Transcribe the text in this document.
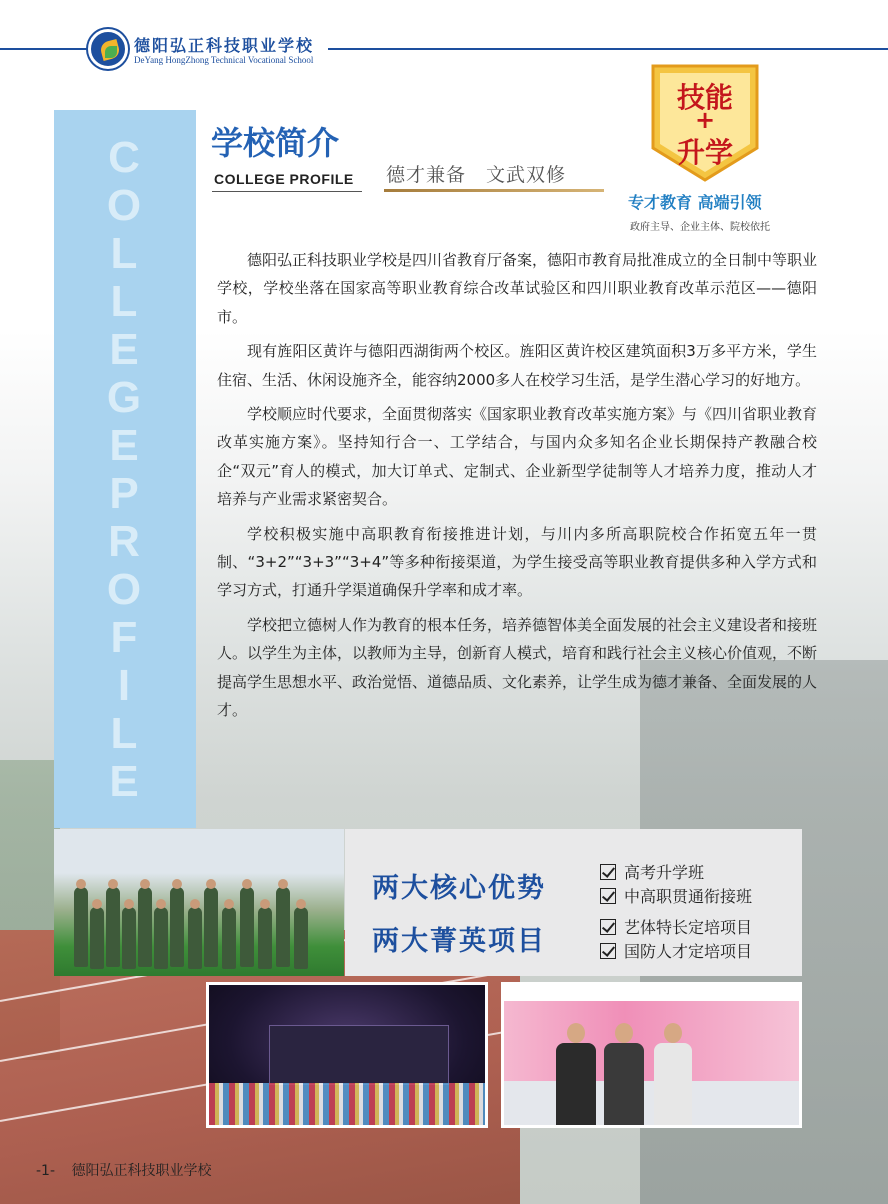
德阳弘正科技职业学校
DeYang HongZhong Technical Vocational School
C
O
L
L
E
G
E
P
R
O
F
I
L
E
学校简介
COLLEGE PROFILE 德才兼备　文武双修
技能
+
升学
专才教育 高端引领
政府主导、企业主体、院校依托

德阳弘正科技职业学校是四川省教育厅备案，德阳市教育局批准成立的全日制中等职业学校，学校坐落在国家高等职业教育综合改革试验区和四川职业教育改革示范区——德阳市。

现有旌阳区黄许与德阳西湖街两个校区。旌阳区黄许校区建筑面积3万多平方米，学生住宿、生活、休闲设施齐全，能容纳2000多人在校学习生活，是学生潜心学习的好地方。

学校顺应时代要求，全面贯彻落实《国家职业教育改革实施方案》与《四川省职业教育改革实施方案》。坚持知行合一、工学结合，与国内众多知名企业长期保持产教融合校企“双元”育人的模式，加大订单式、定制式、企业新型学徒制等人才培养力度，推动人才培养与产业需求紧密契合。

学校积极实施中高职教育衔接推进计划，与川内多所高职院校合作拓宽五年一贯制、“3+2”“3+3”“3+4”等多种衔接渠道，为学生接受高等职业教育提供多种入学方式和学习方式，打通升学渠道确保升学率和成才率。

学校把立德树人作为教育的根本任务，培养德智体美全面发展的社会主义建设者和接班人。以学生为主体，以教师为主导，创新育人模式，培育和践行社会主义核心价值观，不断提高学生思想水平、政治觉悟、道德品质、文化素养，让学生成为德才兼备、全面发展的人才。

两大核心优势
两大菁英项目
高考升学班
中高职贯通衔接班
艺体特长定培项目
国防人才定培项目
-1- 德阳弘正科技职业学校
